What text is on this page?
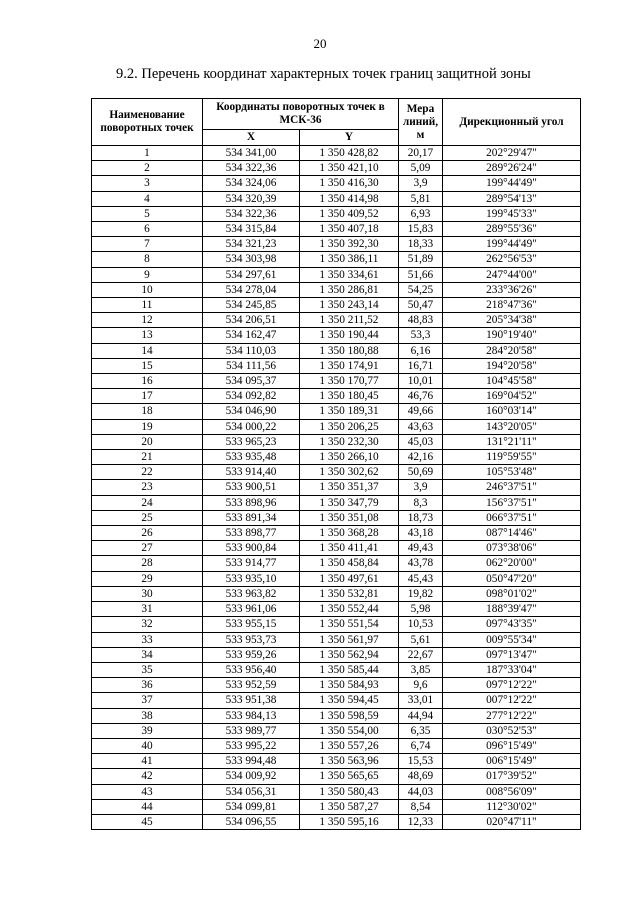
20
9.2. Перечень координат характерных точек границ защитной зоны
Наименование поворотных точек	Координаты поворотных точек в МСК-36		Мера линий, м	Дирекционный угол
	X	Y		
1	534 341,00	1 350 428,82	20,17	202°29'47"
2	534 322,36	1 350 421,10	5,09	289°26'24"
3	534 324,06	1 350 416,30	3,9	199°44'49"
4	534 320,39	1 350 414,98	5,81	289°54'13"
5	534 322,36	1 350 409,52	6,93	199°45'33"
6	534 315,84	1 350 407,18	15,83	289°55'36"
7	534 321,23	1 350 392,30	18,33	199°44'49"
8	534 303,98	1 350 386,11	51,89	262°56'53"
9	534 297,61	1 350 334,61	51,66	247°44'00"
10	534 278,04	1 350 286,81	54,25	233°36'26"
11	534 245,85	1 350 243,14	50,47	218°47'36"
12	534 206,51	1 350 211,52	48,83	205°34'38"
13	534 162,47	1 350 190,44	53,3	190°19'40"
14	534 110,03	1 350 180,88	6,16	284°20'58"
15	534 111,56	1 350 174,91	16,71	194°20'58"
16	534 095,37	1 350 170,77	10,01	104°45'58"
17	534 092,82	1 350 180,45	46,76	169°04'52"
18	534 046,90	1 350 189,31	49,66	160°03'14"
19	534 000,22	1 350 206,25	43,63	143°20'05"
20	533 965,23	1 350 232,30	45,03	131°21'11"
21	533 935,48	1 350 266,10	42,16	119°59'55"
22	533 914,40	1 350 302,62	50,69	105°53'48"
23	533 900,51	1 350 351,37	3,9	246°37'51"
24	533 898,96	1 350 347,79	8,3	156°37'51"
25	533 891,34	1 350 351,08	18,73	066°37'51"
26	533 898,77	1 350 368,28	43,18	087°14'46"
27	533 900,84	1 350 411,41	49,43	073°38'06"
28	533 914,77	1 350 458,84	43,78	062°20'00"
29	533 935,10	1 350 497,61	45,43	050°47'20"
30	533 963,82	1 350 532,81	19,82	098°01'02"
31	533 961,06	1 350 552,44	5,98	188°39'47"
32	533 955,15	1 350 551,54	10,53	097°43'35"
33	533 953,73	1 350 561,97	5,61	009°55'34"
34	533 959,26	1 350 562,94	22,67	097°13'47"
35	533 956,40	1 350 585,44	3,85	187°33'04"
36	533 952,59	1 350 584,93	9,6	097°12'22"
37	533 951,38	1 350 594,45	33,01	007°12'22"
38	533 984,13	1 350 598,59	44,94	277°12'22"
39	533 989,77	1 350 554,00	6,35	030°52'53"
40	533 995,22	1 350 557,26	6,74	096°15'49"
41	533 994,48	1 350 563,96	15,53	006°15'49"
42	534 009,92	1 350 565,65	48,69	017°39'52"
43	534 056,31	1 350 580,43	44,03	008°56'09"
44	534 099,81	1 350 587,27	8,54	112°30'02"
45	534 096,55	1 350 595,16	12,33	020°47'11"
